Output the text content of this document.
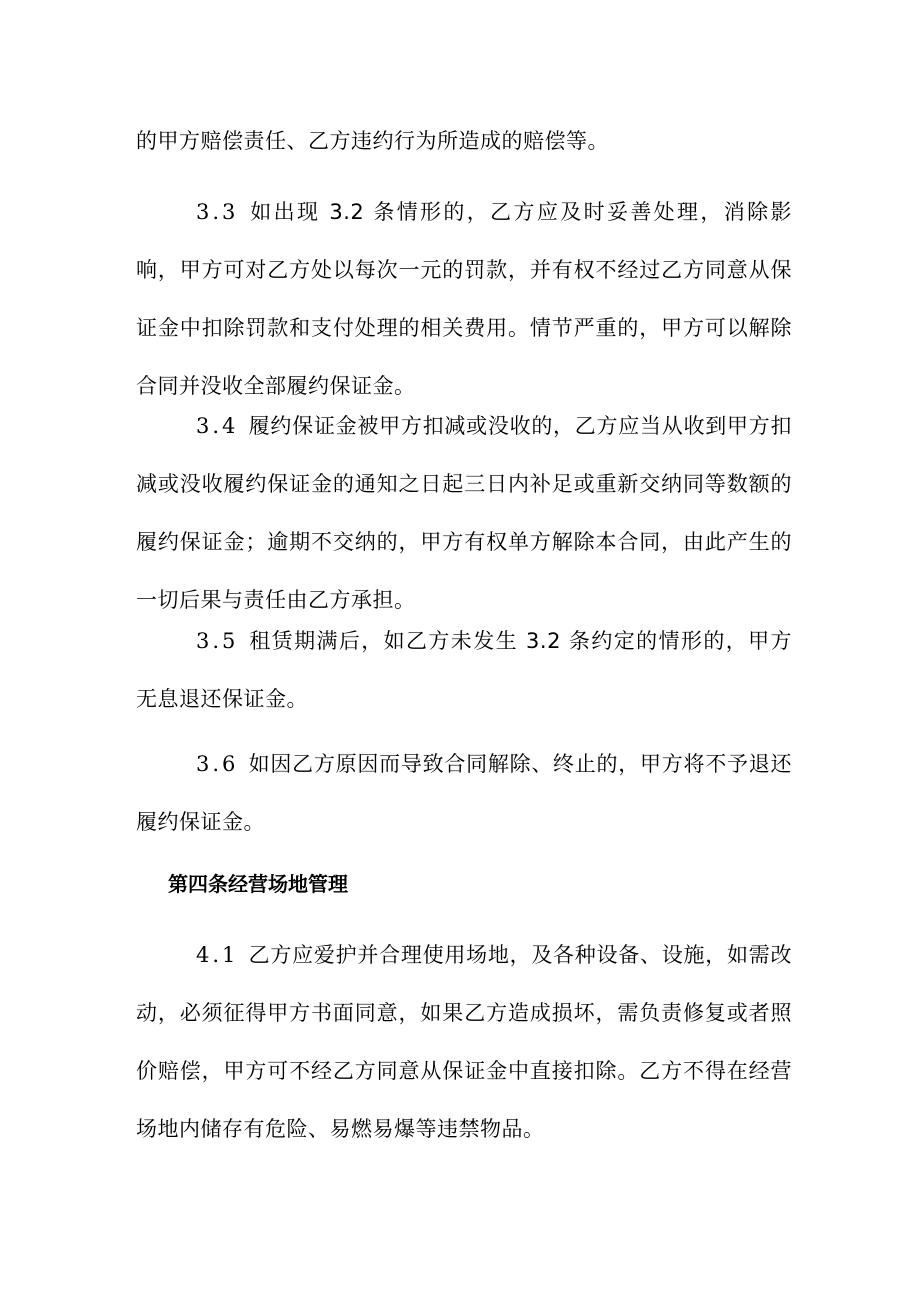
的甲方赔偿责任、乙方违约行为所造成的赔偿等。

3.3 如出现 3.2 条情形的，乙方应及时妥善处理，消除影响，甲方可对乙方处以每次一元的罚款，并有权不经过乙方同意从保证金中扣除罚款和支付处理的相关费用。情节严重的，甲方可以解除合同并没收全部履约保证金。

3.4 履约保证金被甲方扣减或没收的，乙方应当从收到甲方扣减或没收履约保证金的通知之日起三日内补足或重新交纳同等数额的履约保证金；逾期不交纳的，甲方有权单方解除本合同，由此产生的一切后果与责任由乙方承担。

3.5 租赁期满后，如乙方未发生 3.2 条约定的情形的，甲方无息退还保证金。

3.6 如因乙方原因而导致合同解除、终止的，甲方将不予退还履约保证金。

第四条经营场地管理

4.1 乙方应爱护并合理使用场地，及各种设备、设施，如需改动，必须征得甲方书面同意，如果乙方造成损坏，需负责修复或者照价赔偿，甲方可不经乙方同意从保证金中直接扣除。乙方不得在经营场地内储存有危险、易燃易爆等违禁物品。
